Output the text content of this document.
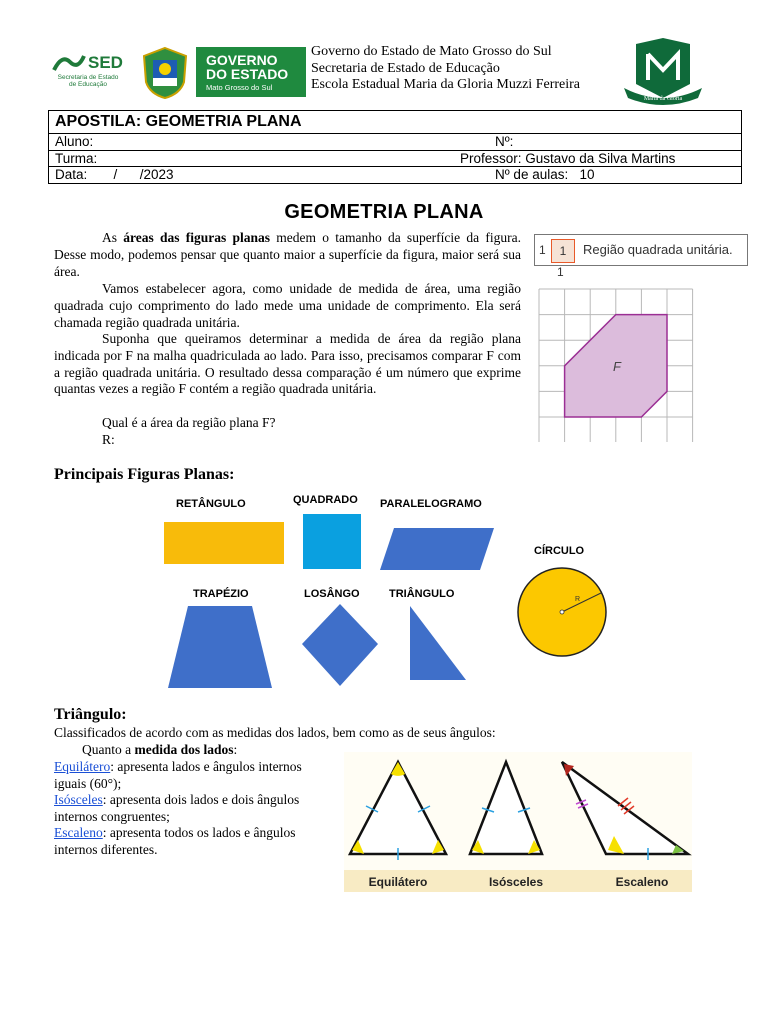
SED
Secretaria de Estado
de Educação
GOVERNO
DO ESTADO
Mato Grosso do Sul
Governo do Estado de Mato Grosso do Sul
Secretaria de Estado de Educação
Escola Estadual Maria da Gloria Muzzi Ferreira
Maria da Glória
APOSTILA: GEOMETRIA PLANA
Aluno:	Nº:
Turma:	Professor: Gustavo da Silva Martins
Data:       /      /2023	Nº de aulas:   10
GEOMETRIA PLANA
As áreas das figuras planas medem o tamanho da superfície da figura. Desse modo, podemos pensar que quanto maior a superfície da figura, maior será sua área.
Vamos estabelecer agora, como unidade de medida de área, uma região quadrada cujo comprimento do lado mede uma unidade de comprimento. Ela será chamada região quadrada unitária.
Suponha que queiramos determinar a medida de área da região plana indicada por F na malha quadriculada ao lado. Para isso, precisamos comparar F com a região quadrada unitária. O resultado dessa comparação é um número que exprime quantas vezes a região F contém a região quadrada unitária.
Qual é a área da região plana F?
R:
1	1	Região quadrada unitária.
1
F
Principais Figuras Planas:
RETÂNGULO	QUADRADO PARALELOGRAMO
CÍRCULO
R
TRAPÉZIO	LOSÂNGO	TRIÂNGULO
Triângulo:
Classificados de acordo com as medidas dos lados, bem como as de seus ângulos:
Quanto a medida dos lados:
Equilátero: apresenta lados e ângulos internos iguais (60°);
Isósceles: apresenta dois lados e dois ângulos internos congruentes;
Escaleno: apresenta todos os lados e ângulos internos diferentes.
Equilátero	Isósceles	Escaleno
